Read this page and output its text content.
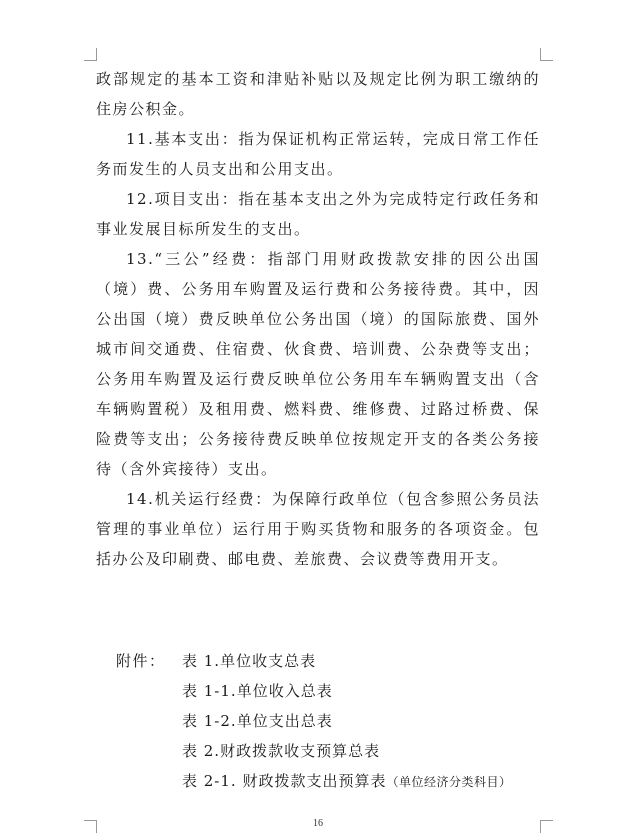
政部规定的基本工资和津贴补贴以及规定比例为职工缴纳的住房公积金。

11.基本支出：指为保证机构正常运转，完成日常工作任务而发生的人员支出和公用支出。

12.项目支出：指在基本支出之外为完成特定行政任务和事业发展目标所发生的支出。

13.“三公”经费：指部门用财政拨款安排的因公出国（境）费、公务用车购置及运行费和公务接待费。其中，因公出国（境）费反映单位公务出国（境）的国际旅费、国外城市间交通费、住宿费、伙食费、培训费、公杂费等支出；公务用车购置及运行费反映单位公务用车车辆购置支出（含车辆购置税）及租用费、燃料费、维修费、过路过桥费、保险费等支出；公务接待费反映单位按规定开支的各类公务接待（含外宾接待）支出。

14.机关运行经费：为保障行政单位（包含参照公务员法管理的事业单位）运行用于购买货物和服务的各项资金。包括办公及印刷费、邮电费、差旅费、会议费等费用开支。

附件： 表 1.单位收支总表
表 1-1.单位收入总表
表 1-2.单位支出总表
表 2.财政拨款收支预算总表
表 2-1. 财政拨款支出预算表（单位经济分类科目）
16
